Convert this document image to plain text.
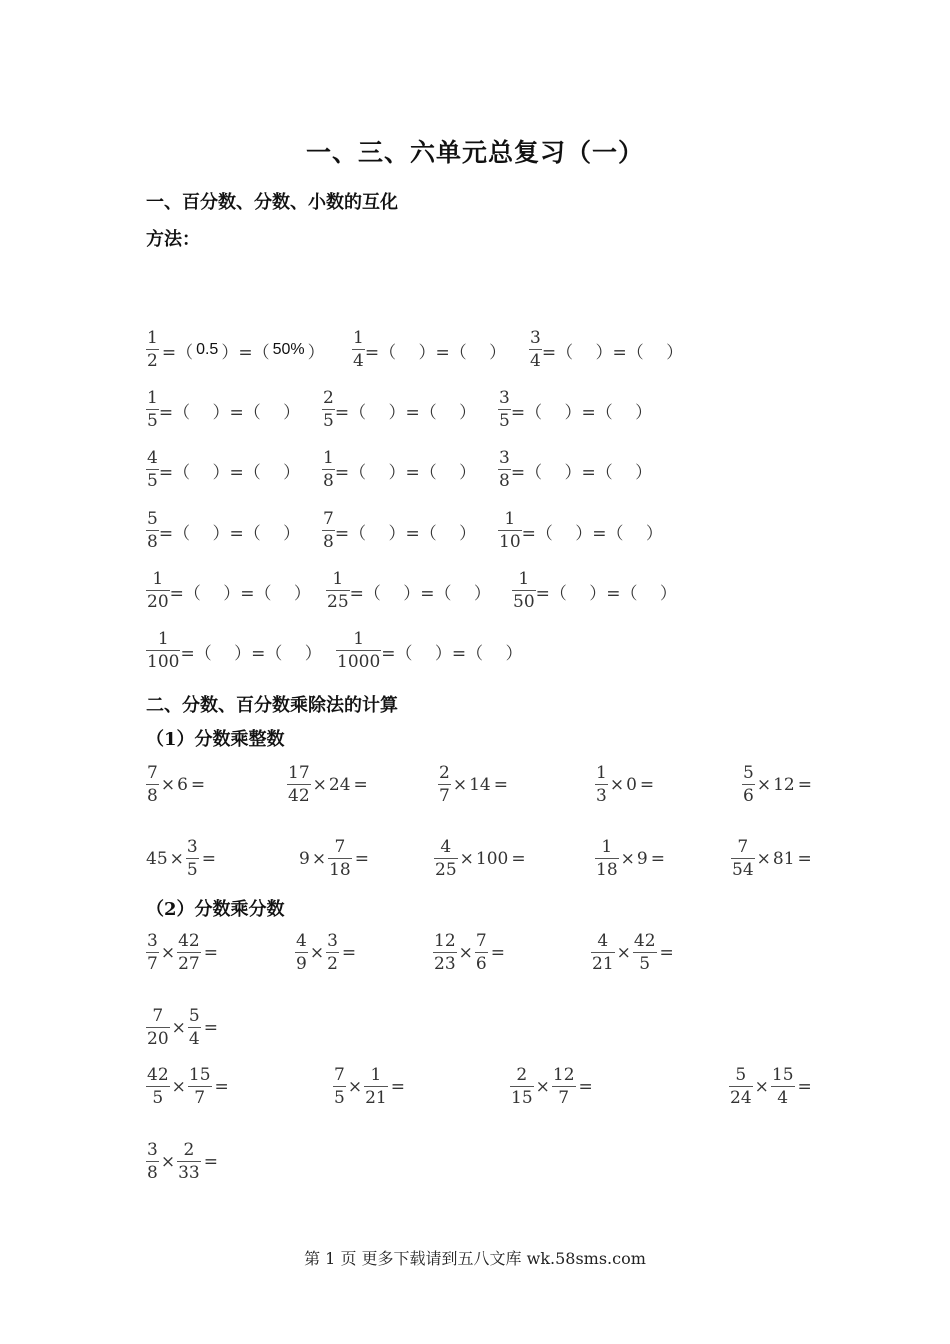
一、三、六单元总复习（一）
一、百分数、分数、小数的互化
方法：
$\frac{1}{2}$ =（ 0.5 ）=（ 50% ） $\frac{1}{4}$ =（　 ）=（　 ） $\frac{3}{4}$ =（　 ）=（　 ）
$\frac{1}{5}$ =（　 ）=（　 ） $\frac{2}{5}$ =（　 ）=（　 ） $\frac{3}{5}$ =（　 ）=（　 ）
$\frac{4}{5}$ =（　 ）=（　 ） $\frac{1}{8}$ =（　 ）=（　 ） $\frac{3}{8}$ =（　 ）=（　 ）
$\frac{5}{8}$ =（　 ）=（　 ） $\frac{7}{8}$ =（　 ）=（　 ） $\frac{1}{10}$ =（　 ）=（　 ）
$\frac{1}{20}$ =（　 ）=（　 ） $\frac{1}{25}$ =（　 ）=（　 ） $\frac{1}{50}$ =（　 ）=（　 ）
$\frac{1}{100}$ =（　 ）=（　 ） $\frac{1}{1000}$ =（　 ）=（　 ）
二、分数、百分数乘除法的计算
（1）分数乘整数
$\frac{7}{8} \times 6$ =	$\frac{17}{42} \times 24$ =	$\frac{2}{7} \times 14$ =	$\frac{1}{3} \times 0$ =	$\frac{5}{6} \times 12$ =
$45 \times \frac{3}{5}$ =	$9 \times \frac{7}{18}$ =	$\frac{4}{25} \times 100$ =	$\frac{1}{18} \times 9$ =	$\frac{7}{54} \times 81$ =
（2）分数乘分数
$\frac{3}{7} \times \frac{42}{27}$ =	$\frac{4}{9} \times \frac{3}{2}$ =	$\frac{12}{23} \times \frac{7}{6}$ =	$\frac{4}{21} \times \frac{42}{5}$ =
$\frac{7}{20} \times \frac{5}{4}$ =
$\frac{42}{5} \times \frac{15}{7}$ =	$\frac{7}{5} \times \frac{1}{21}$ =	$\frac{2}{15} \times \frac{12}{7}$ =	$\frac{5}{24} \times \frac{15}{4}$ =
$\frac{3}{8} \times \frac{2}{33}$ =
第 1 页 更多下载请到五八文库 wk.58sms.com
